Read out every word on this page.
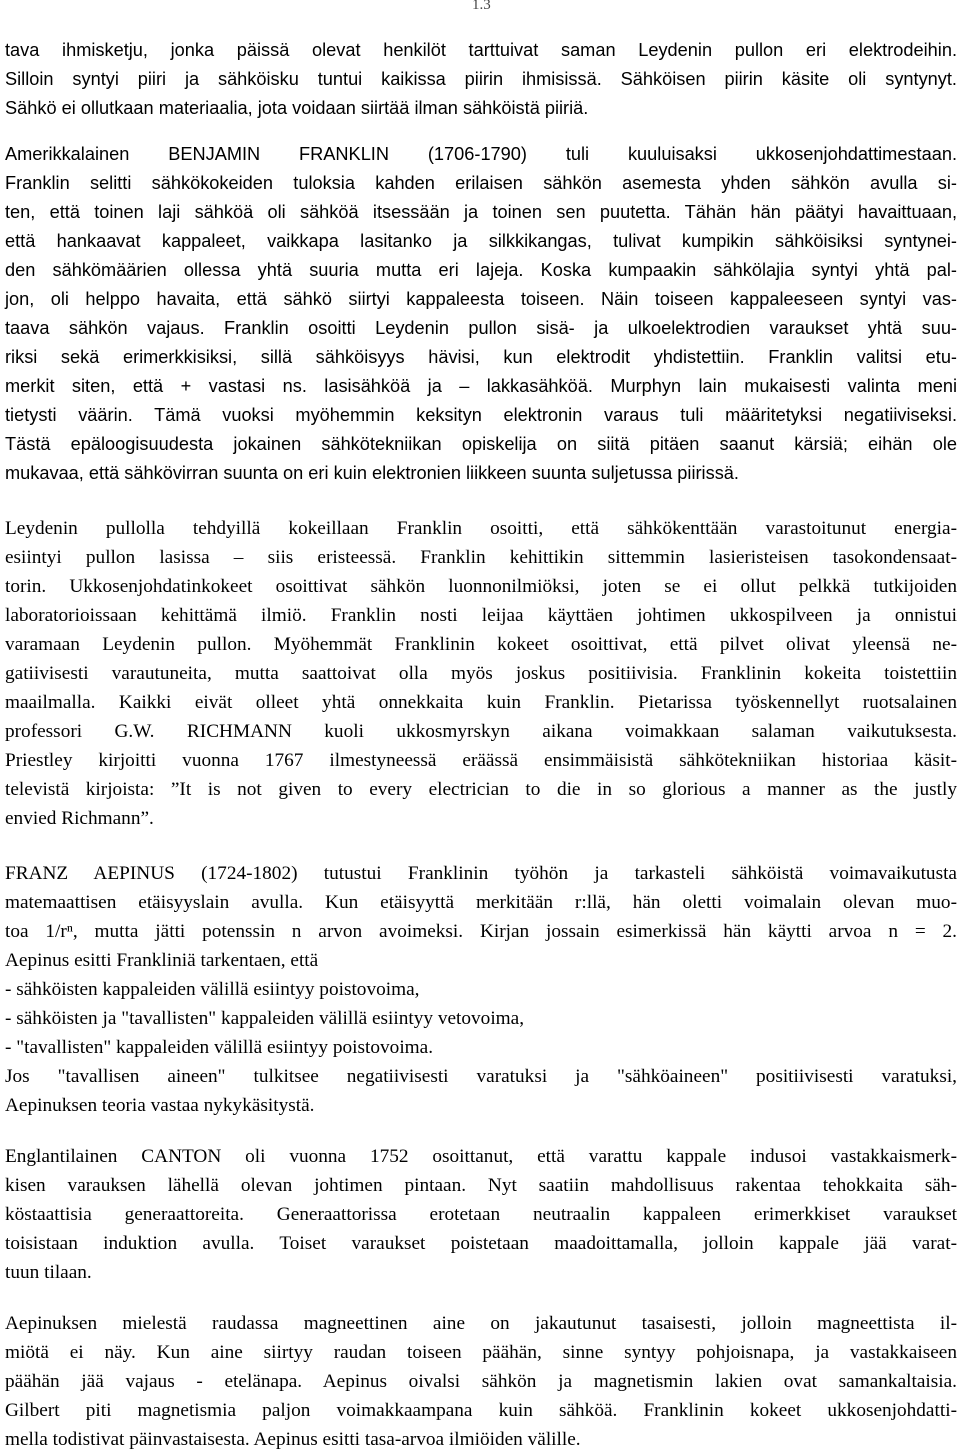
1.3
tava ihmisketju, jonka päissä olevat henkilöt tarttuivat saman Leydenin pullon eri elektrodeihin.
Silloin syntyi piiri ja sähköisku tuntui kaikissa piirin ihmisissä. Sähköisen piirin käsite oli syntynyt.
Sähkö ei ollutkaan materiaalia, jota voidaan siirtää ilman sähköistä piiriä.
Amerikkalainen BENJAMIN FRANKLIN (1706-1790) tuli kuuluisaksi ukkosenjohdattimestaan.
Franklin selitti sähkökokeiden tuloksia kahden erilaisen sähkön asemesta yhden sähkön avulla si-
ten, että toinen laji sähköä oli sähköä itsessään ja toinen sen puutetta. Tähän hän päätyi havaittuaan,
että hankaavat kappaleet, vaikkapa lasitanko ja silkkikangas, tulivat kumpikin sähköisiksi syntynei-
den sähkömäärien ollessa yhtä suuria mutta eri lajeja. Koska kumpaakin sähkölajia syntyi yhtä pal-
jon, oli helppo havaita, että sähkö siirtyi kappaleesta toiseen. Näin toiseen kappaleeseen syntyi vas-
taava sähkön vajaus. Franklin osoitti Leydenin pullon sisä- ja ulkoelektrodien varaukset yhtä suu-
riksi sekä erimerkkisiksi, sillä sähköisyys hävisi, kun elektrodit yhdistettiin. Franklin valitsi etu-
merkit siten, että + vastasi ns. lasisähköä ja – lakkasähköä. Murphyn lain mukaisesti valinta meni
tietysti väärin. Tämä vuoksi myöhemmin keksityn elektronin varaus tuli määritetyksi negatiiviseksi.
Tästä epäloogisuudesta jokainen sähkötekniikan opiskelija on siitä pitäen saanut kärsiä; eihän ole
mukavaa, että sähkövirran suunta on eri kuin elektronien liikkeen suunta suljetussa piirissä.
Leydenin pullolla tehdyillä kokeillaan Franklin osoitti, että sähkökenttään varastoitunut energia-
esiintyi pullon lasissa – siis eristeessä. Franklin kehittikin sittemmin lasieristeisen tasokondensaat-
torin. Ukkosenjohdatinkokeet osoittivat sähkön luonnonilmiöksi, joten se ei ollut pelkkä tutkijoiden
laboratorioissaan kehittämä ilmiö. Franklin nosti leijaa käyttäen johtimen ukkospilveen ja onnistui
varamaan Leydenin pullon. Myöhemmät Franklinin kokeet osoittivat, että pilvet olivat yleensä ne-
gatiivisesti varautuneita, mutta saattoivat olla myös joskus positiivisia. Franklinin kokeita toistettiin
maailmalla. Kaikki eivät olleet yhtä onnekkaita kuin Franklin. Pietarissa työskennellyt ruotsalainen
professori G.W. RICHMANN kuoli ukkosmyrskyn aikana voimakkaan salaman vaikutuksesta.
Priestley kirjoitti vuonna 1767 ilmestyneessä eräässä ensimmäisistä sähkötekniikan historiaa käsit-
televistä kirjoista: ”It is not given to every electrician to die in so glorious a manner as the justly
envied Richmann”.
FRANZ AEPINUS (1724-1802) tutustui Franklinin työhön ja tarkasteli sähköistä voimavaikutusta
matemaattisen etäisyyslain avulla. Kun etäisyyttä merkitään r:llä, hän oletti voimalain olevan muo-
toa 1/rⁿ, mutta jätti potenssin n arvon avoimeksi. Kirjan jossain esimerkissä hän käytti arvoa n = 2.
Aepinus esitti Frankliniä tarkentaen, että
- sähköisten kappaleiden välillä esiintyy poistovoima,
- sähköisten ja "tavallisten" kappaleiden välillä esiintyy vetovoima,
- "tavallisten" kappaleiden välillä esiintyy poistovoima.
Jos "tavallisen aineen" tulkitsee negatiivisesti varatuksi ja "sähköaineen" positiivisesti varatuksi,
Aepinuksen teoria vastaa nykykäsitystä.
Englantilainen CANTON oli vuonna 1752 osoittanut, että varattu kappale indusoi vastakkaismerk-
kisen varauksen lähellä olevan johtimen pintaan. Nyt saatiin mahdollisuus rakentaa tehokkaita säh-
köstaattisia generaattoreita. Generaattorissa erotetaan neutraalin kappaleen erimerkkiset varaukset
toisistaan induktion avulla. Toiset varaukset poistetaan maadoittamalla, jolloin kappale jää varat-
tuun tilaan.
Aepinuksen mielestä raudassa magneettinen aine on jakautunut tasaisesti, jolloin magneettista il-
miötä ei näy. Kun aine siirtyy raudan toiseen päähän, sinne syntyy pohjoisnapa, ja vastakkaiseen
päähän jää vajaus - etelänapa. Aepinus oivalsi sähkön ja magnetismin lakien ovat samankaltaisia.
Gilbert piti magnetismia paljon voimakkaampana kuin sähköä. Franklinin kokeet ukkosenjohdatti-
mella todistivat päinvastaisesta. Aepinus esitti tasa-arvoa ilmiöiden välille.
